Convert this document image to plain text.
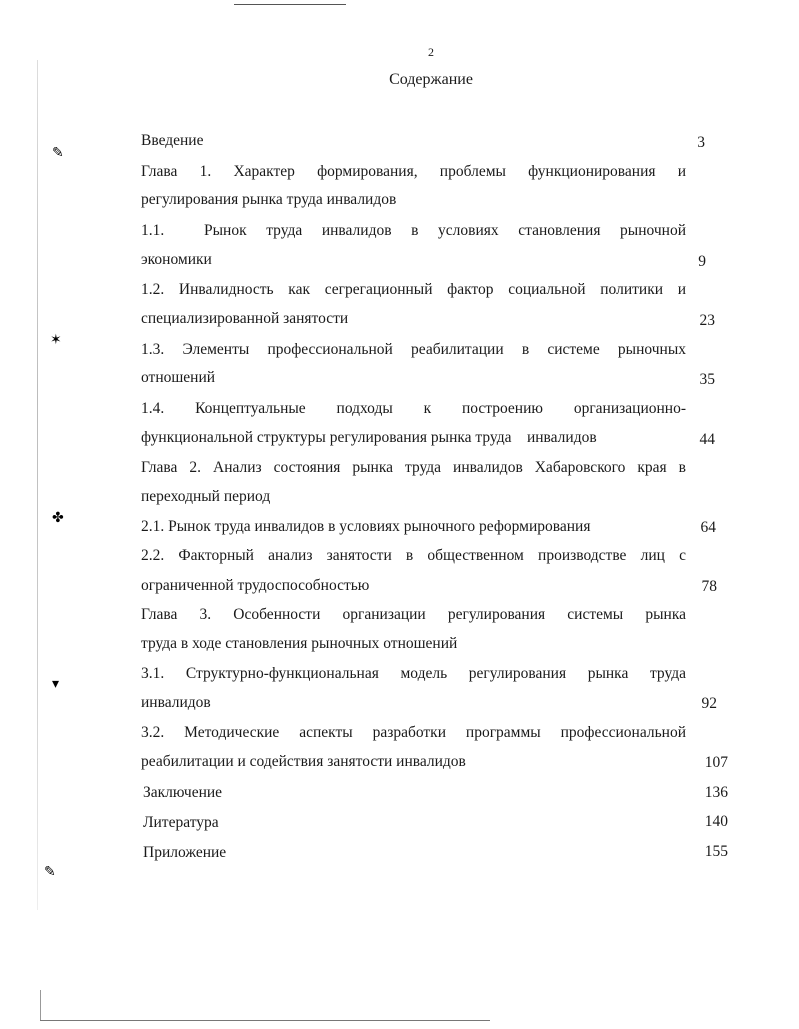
✎
✶
✤
▾
✎
2
Содержание
Введение	3
Глава 1. Характер формирования, проблемы функционирования и
регулирования рынка труда инвалидов
1.1.	Рынок труда инвалидов в условиях становления рыночной
экономики	9
1.2. Инвалидность как сегрегационный фактор социальной политики и
специализированной занятости	23
1.3. Элементы профессиональной реабилитации в системе рыночных
отношений	35
1.4. Концептуальные подходы к построению организационно-
функциональной структуры регулирования рынка труда    инвалидов	44
Глава 2. Анализ состояния рынка труда инвалидов Хабаровского края в
переходный период
2.1. Рынок труда инвалидов в условиях рыночного реформирования	64
2.2. Факторный анализ занятости в общественном производстве лиц с
ограниченной трудоспособностью	78
Глава 3. Особенности организации регулирования системы рынка
труда в ходе становления рыночных отношений
3.1. Структурно-функциональная модель регулирования рынка труда
инвалидов	92
3.2. Методические аспекты разработки программы профессиональной
реабилитации и содействия занятости инвалидов	107
Заключение	136
Литература	140
Приложение	155
